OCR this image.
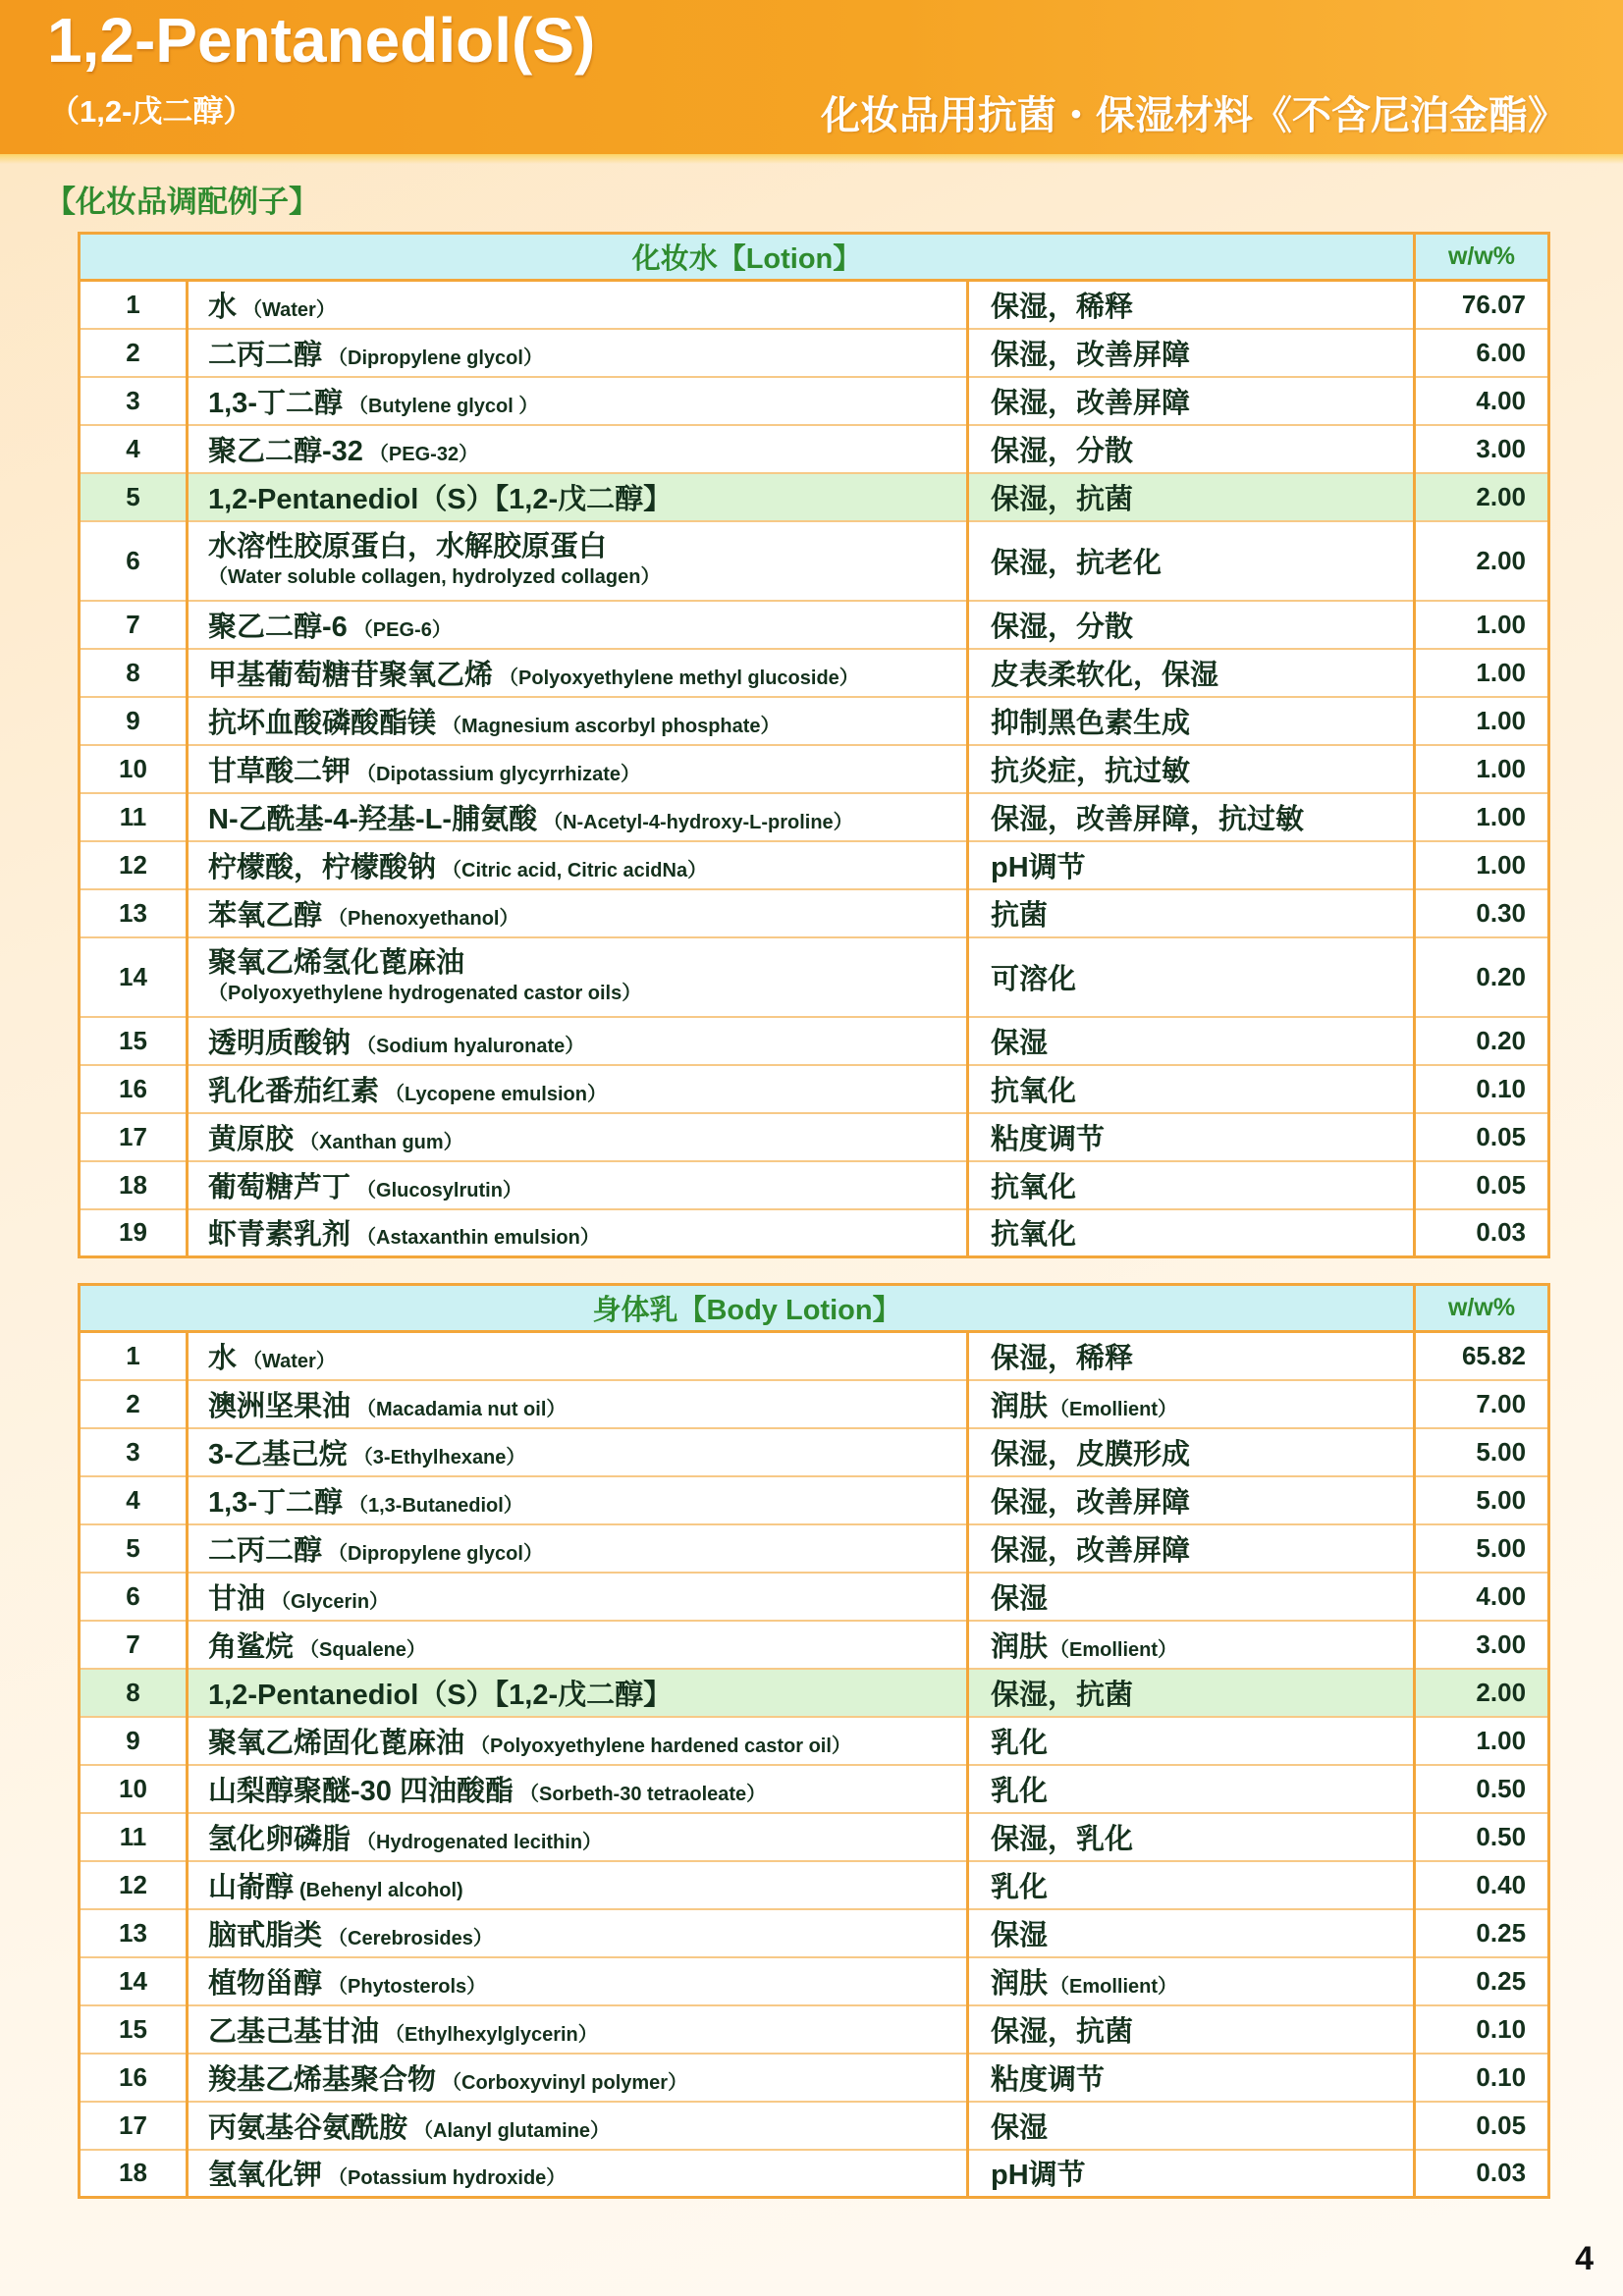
1,2-Pentanediol(S)
（1,2-戊二醇）	化妆品用抗菌・保湿材料《不含尼泊金酯》
【化妆品调配例子】
化妆水【Lotion】			w/w%
1	水 （Water）	保湿，稀释	76.07
2	二丙二醇 （Dipropylene glycol）	保湿，改善屏障	6.00
3	1,3-丁二醇 （Butylene glycol ）	保湿，改善屏障	4.00
4	聚乙二醇-32 （PEG-32）	保湿，分散	3.00
5	1,2-Pentanediol（S）【1,2-戊二醇】	保湿，抗菌	2.00
6	水溶性胶原蛋白，水解胶原蛋白
（Water soluble collagen, hydrolyzed collagen）	保湿，抗老化	2.00
7	聚乙二醇-6 （PEG-6）	保湿，分散	1.00
8	甲基葡萄糖苷聚氧乙烯 （Polyoxyethylene methyl glucoside）	皮表柔软化，保湿	1.00
9	抗坏血酸磷酸酯镁 （Magnesium ascorbyl phosphate）	抑制黑色素生成	1.00
10	甘草酸二钾 （Dipotassium glycyrrhizate）	抗炎症，抗过敏	1.00
11	N-乙酰基-4-羟基-L-脯氨酸 （N-Acetyl-4-hydroxy-L-proline）	保湿，改善屏障，抗过敏	1.00
12	柠檬酸，柠檬酸钠 （Citric acid, Citric acidNa）	pH调节	1.00
13	苯氧乙醇 （Phenoxyethanol）	抗菌	0.30
14	聚氧乙烯氢化蓖麻油
（Polyoxyethylene hydrogenated castor oils）	可溶化	0.20
15	透明质酸钠 （Sodium hyaluronate）	保湿	0.20
16	乳化番茄红素 （Lycopene emulsion）	抗氧化	0.10
17	黄原胶 （Xanthan gum）	粘度调节	0.05
18	葡萄糖芦丁 （Glucosylrutin）	抗氧化	0.05
19	虾青素乳剂 （Astaxanthin emulsion）	抗氧化	0.03
身体乳【Body Lotion】			w/w%
1	水 （Water）	保湿，稀释	65.82
2	澳洲坚果油 （Macadamia nut oil）	润肤 （Emollient）	7.00
3	3-乙基己烷 （3-Ethylhexane）	保湿，皮膜形成	5.00
4	1,3-丁二醇 （1,3-Butanediol）	保湿，改善屏障	5.00
5	二丙二醇 （Dipropylene glycol）	保湿，改善屏障	5.00
6	甘油 （Glycerin）	保湿	4.00
7	角鲨烷 （Squalene）	润肤 （Emollient）	3.00
8	1,2-Pentanediol（S）【1,2-戊二醇】	保湿，抗菌	2.00
9	聚氧乙烯固化蓖麻油 （Polyoxyethylene hardened castor oil）	乳化	1.00
10	山梨醇聚醚-30 四油酸酯 （Sorbeth-30 tetraoleate）	乳化	0.50
11	氢化卵磷脂 （Hydrogenated lecithin）	保湿，乳化	0.50
12	山嵛醇 (Behenyl alcohol)	乳化	0.40
13	脑甙脂类 （Cerebrosides）	保湿	0.25
14	植物甾醇 （Phytosterols）	润肤 （Emollient）	0.25
15	乙基己基甘油 （Ethylhexylglycerin）	保湿，抗菌	0.10
16	羧基乙烯基聚合物 （Corboxyvinyl polymer）	粘度调节	0.10
17	丙氨基谷氨酰胺 （Alanyl glutamine）	保湿	0.05
18	氢氧化钾 （Potassium hydroxide）	pH调节	0.03
4
